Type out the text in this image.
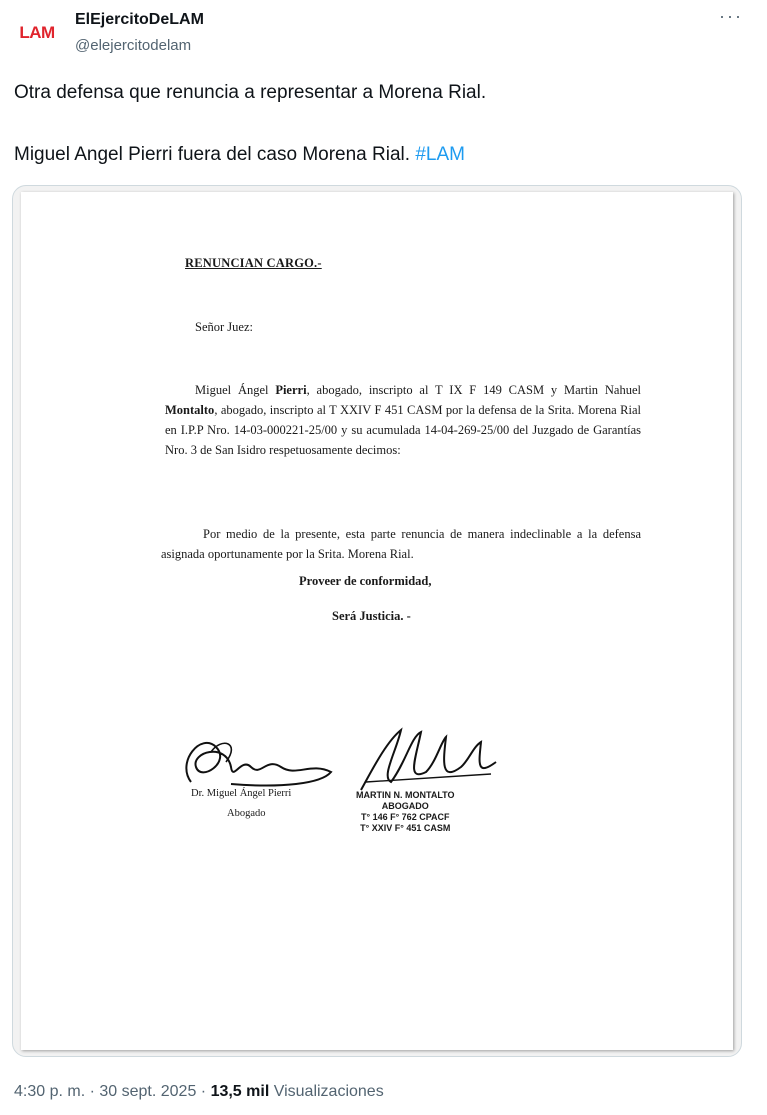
LAM
ElEjercitoDeLAM
@elejercitodelam
···
Otra defensa que renuncia a representar a Morena Rial.
Miguel Angel Pierri fuera del caso Morena Rial. #LAM
RENUNCIAN CARGO.-
Señor Juez:
Miguel Ángel Pierri, abogado, inscripto al T IX F 149 CASM y Martin Nahuel Montalto, abogado, inscripto al T XXIV F 451 CASM por la defensa de la Srita. Morena Rial en I.P.P Nro. 14-03-000221-25/00 y su acumulada 14-04-269-25/00 del Juzgado de Garantías Nro. 3 de San Isidro respetuosamente decimos:
Por medio de la presente, esta parte renuncia de manera indeclinable a la defensa asignada oportunamente por la Srita. Morena Rial.
Proveer de conformidad,
Será Justicia. -
Dr. Miguel Ángel Pierri
Abogado
MARTIN N. MONTALTO
ABOGADO
T° 146 F° 762 CPACF
T° XXIV F° 451 CASM
4:30 p. m. · 30 sept. 2025 · 13,5 mil Visualizaciones
